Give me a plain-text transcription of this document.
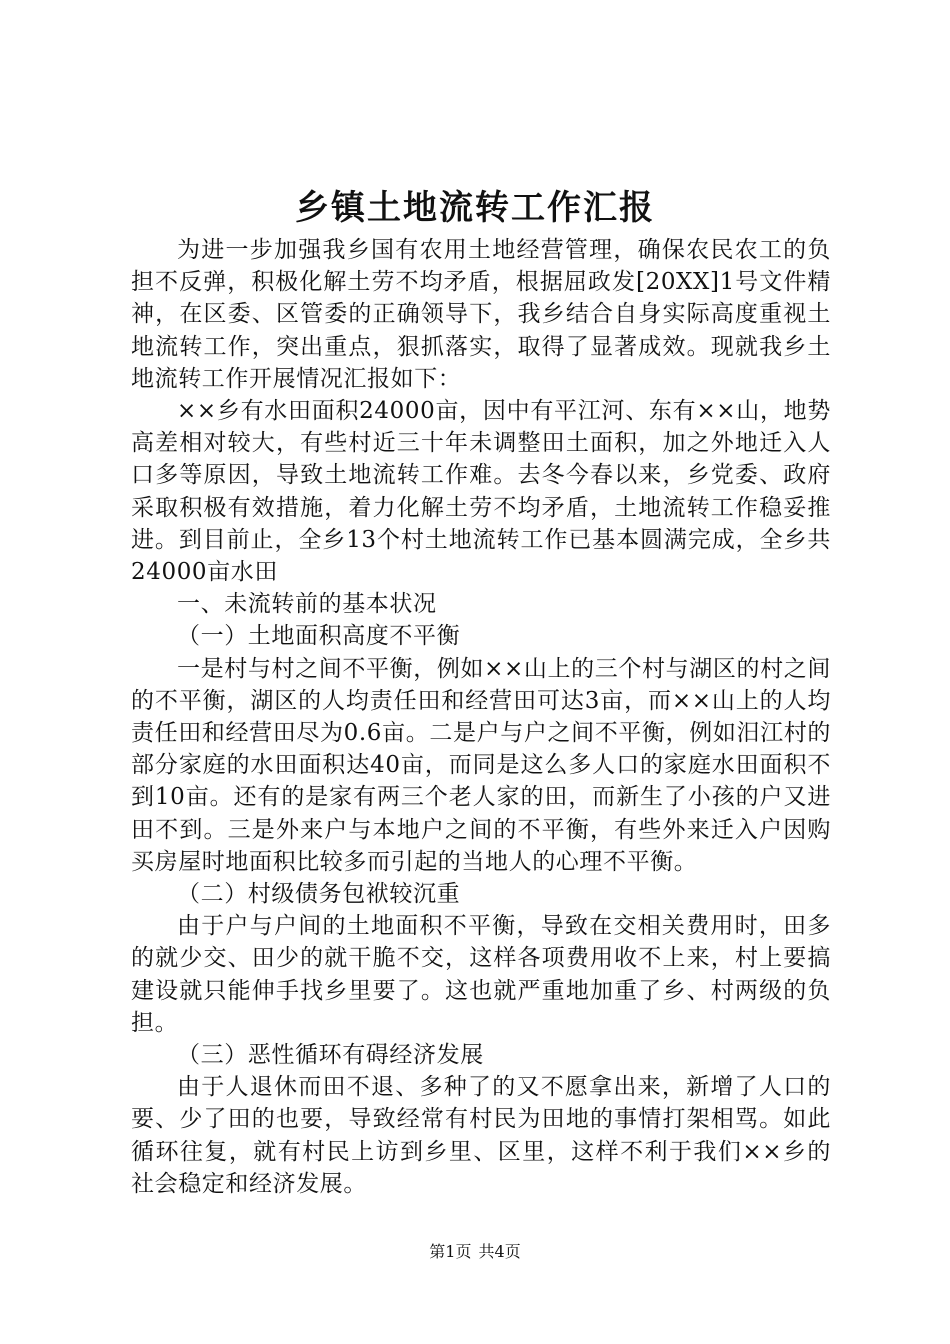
乡镇土地流转工作汇报

为进一步加强我乡国有农用土地经营管理，确保农民农工的负担不反弹，积极化解土劳不均矛盾，根据屈政发[20XX]1号文件精神，在区委、区管委的正确领导下，我乡结合自身实际高度重视土地流转工作，突出重点，狠抓落实，取得了显著成效。现就我乡土地流转工作开展情况汇报如下：

××乡有水田面积24000亩，因中有平江河、东有××山，地势高差相对较大，有些村近三十年未调整田土面积，加之外地迁入人口多等原因，导致土地流转工作难。去冬今春以来，乡党委、政府采取积极有效措施，着力化解土劳不均矛盾，土地流转工作稳妥推进。到目前止，全乡13个村土地流转工作已基本圆满完成，全乡共24000亩水田

一、未流转前的基本状况

（一）土地面积高度不平衡

一是村与村之间不平衡，例如××山上的三个村与湖区的村之间的不平衡，湖区的人均责任田和经营田可达3亩，而××山上的人均责任田和经营田尽为0.6亩。二是户与户之间不平衡，例如汨江村的部分家庭的水田面积达40亩，而同是这么多人口的家庭水田面积不到10亩。还有的是家有两三个老人家的田，而新生了小孩的户又进田不到。三是外来户与本地户之间的不平衡，有些外来迁入户因购买房屋时地面积比较多而引起的当地人的心理不平衡。

（二）村级债务包袱较沉重

由于户与户间的土地面积不平衡，导致在交相关费用时，田多的就少交、田少的就干脆不交，这样各项费用收不上来，村上要搞建设就只能伸手找乡里要了。这也就严重地加重了乡、村两级的负担。

（三）恶性循环有碍经济发展

由于人退休而田不退、多种了的又不愿拿出来，新增了人口的要、少了田的也要，导致经常有村民为田地的事情打架相骂。如此循环往复，就有村民上访到乡里、区里，这样不利于我们××乡的社会稳定和经济发展。

第1页 共4页
